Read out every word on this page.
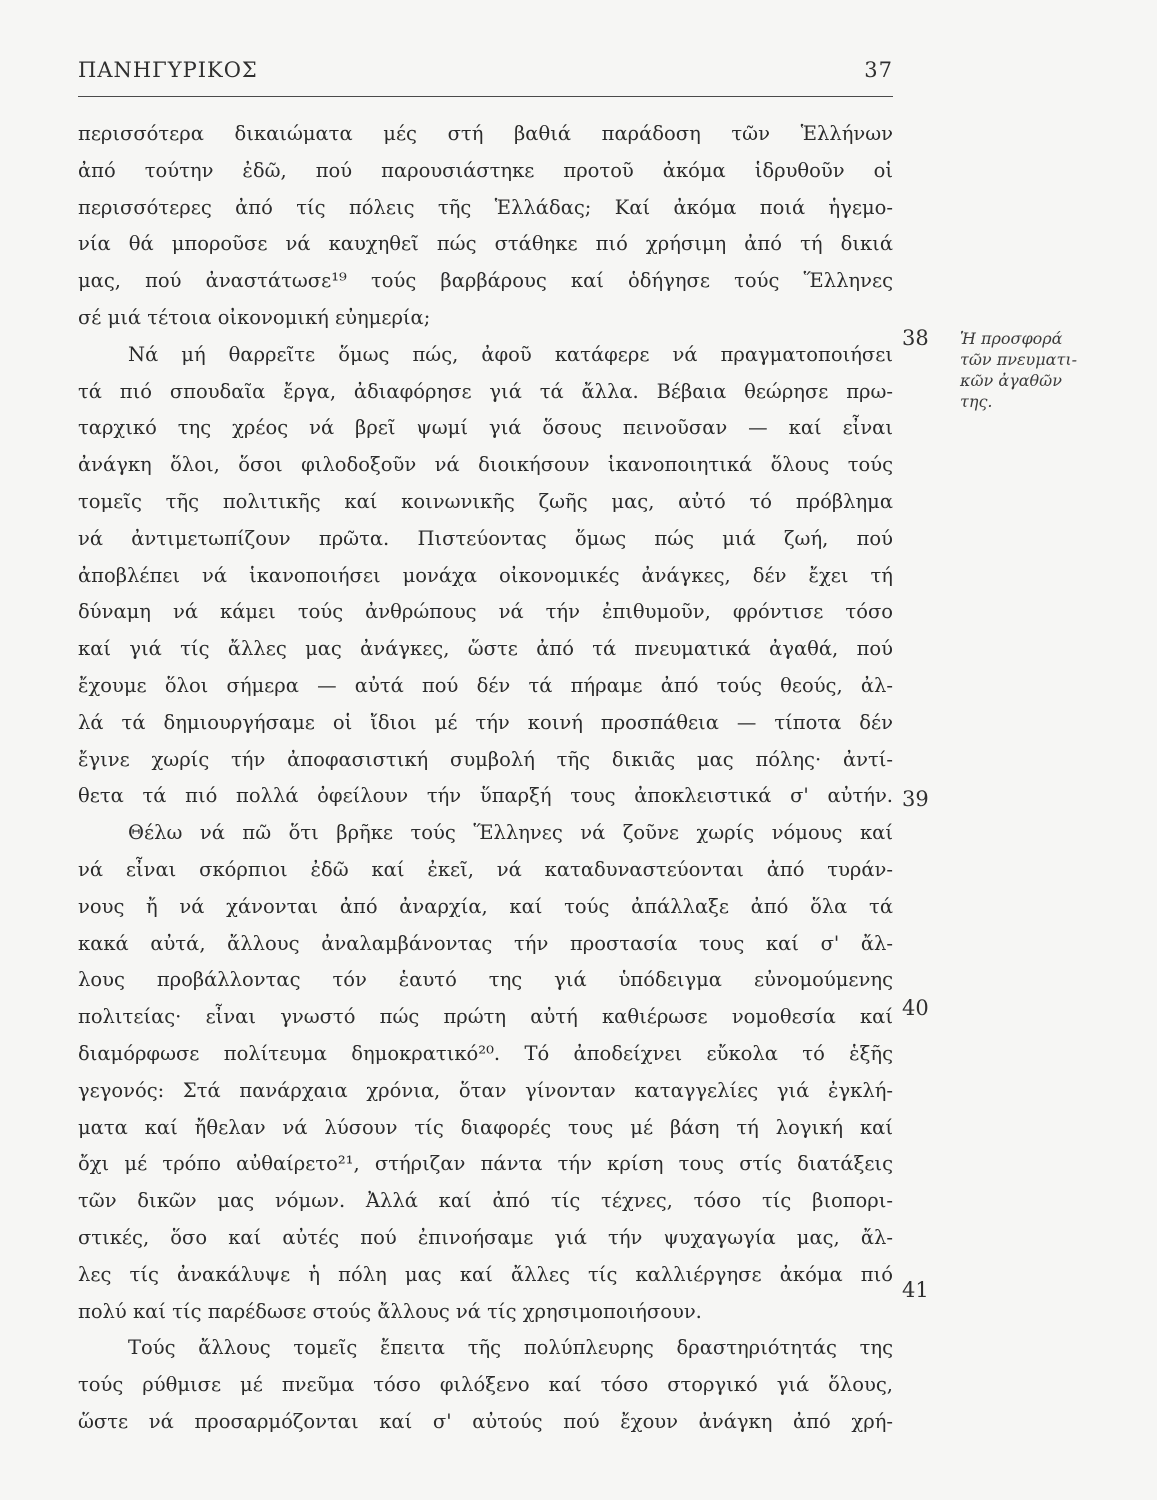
ΠΑΝΗΓΥΡΙΚΟΣ	37
περισσότερα δικαιώματα μές στή βαθιά παράδοση τῶν Ἑλλήνων
ἀπό τούτην ἐδῶ, πού παρουσιάστηκε προτοῦ ἀκόμα ἱδρυθοῦν οἱ
περισσότερες ἀπό τίς πόλεις τῆς Ἑλλάδας; Καί ἀκόμα ποιά ἡγεμο-
νία θά μποροῦσε νά καυχηθεῖ πώς στάθηκε πιό χρήσιμη ἀπό τή δικιά
μας, πού ἀναστάτωσε¹⁹ τούς βαρβάρους καί ὁδήγησε τούς Ἕλληνες
σέ μιά τέτοια οἰκονομική εὐημερία;
Νά μή θαρρεῖτε ὅμως πώς, ἀφοῦ κατάφερε νά πραγματοποιήσει
τά πιό σπουδαῖα ἔργα, ἀδιαφόρησε γιά τά ἄλλα. Βέβαια θεώρησε πρω-
ταρχικό της χρέος νά βρεῖ ψωμί γιά ὅσους πεινοῦσαν — καί εἶναι
ἀνάγκη ὅλοι, ὅσοι φιλοδοξοῦν νά διοικήσουν ἱκανοποιητικά ὅλους τούς
τομεῖς τῆς πολιτικῆς καί κοινωνικῆς ζωῆς μας, αὐτό τό πρόβλημα
νά ἀντιμετωπίζουν πρῶτα. Πιστεύοντας ὅμως πώς μιά ζωή, πού
ἀποβλέπει νά ἱκανοποιήσει μονάχα οἰκονομικές ἀνάγκες, δέν ἔχει τή
δύναμη νά κάμει τούς ἀνθρώπους νά τήν ἐπιθυμοῦν, φρόντισε τόσο
καί γιά τίς ἄλλες μας ἀνάγκες, ὥστε ἀπό τά πνευματικά ἀγαθά, πού
ἔχουμε ὅλοι σήμερα — αὐτά πού δέν τά πήραμε ἀπό τούς θεούς, ἀλ-
λά τά δημιουργήσαμε οἱ ἴδιοι μέ τήν κοινή προσπάθεια — τίποτα δέν
ἔγινε χωρίς τήν ἀποφασιστική συμβολή τῆς δικιᾶς μας πόλης· ἀντί-
θετα τά πιό πολλά ὀφείλουν τήν ὕπαρξή τους ἀποκλειστικά σ' αὐτήν.
Θέλω νά πῶ ὅτι βρῆκε τούς Ἕλληνες νά ζοῦνε χωρίς νόμους καί
νά εἶναι σκόρπιοι ἐδῶ καί ἐκεῖ, νά καταδυναστεύονται ἀπό τυράν-
νους ἤ νά χάνονται ἀπό ἀναρχία, καί τούς ἀπάλλαξε ἀπό ὅλα τά
κακά αὐτά, ἄλλους ἀναλαμβάνοντας τήν προστασία τους καί σ' ἄλ-
λους προβάλλοντας τόν ἑαυτό της γιά ὑπόδειγμα εὐνομούμενης
πολιτείας· εἶναι γνωστό πώς πρώτη αὐτή καθιέρωσε νομοθεσία καί
διαμόρφωσε πολίτευμα δημοκρατικό²⁰. Τό ἀποδείχνει εὔκολα τό ἑξῆς
γεγονός: Στά πανάρχαια χρόνια, ὅταν γίνονταν καταγγελίες γιά ἐγκλή-
ματα καί ἤθελαν νά λύσουν τίς διαφορές τους μέ βάση τή λογική καί
ὄχι μέ τρόπο αὐθαίρετο²¹, στήριζαν πάντα τήν κρίση τους στίς διατάξεις
τῶν δικῶν μας νόμων. Ἀλλά καί ἀπό τίς τέχνες, τόσο τίς βιοπορι-
στικές, ὅσο καί αὐτές πού ἐπινοήσαμε γιά τήν ψυχαγωγία μας, ἄλ-
λες τίς ἀνακάλυψε ἡ πόλη μας καί ἄλλες τίς καλλιέργησε ἀκόμα πιό
πολύ καί τίς παρέδωσε στούς ἄλλους νά τίς χρησιμοποιήσουν.
Τούς ἄλλους τομεῖς ἔπειτα τῆς πολύπλευρης δραστηριότητάς της
τούς ρύθμισε μέ πνεῦμα τόσο φιλόξενο καί τόσο στοργικό γιά ὅλους,
ὥστε νά προσαρμόζονται καί σ' αὐτούς πού ἔχουν ἀνάγκη ἀπό χρή-
38
39
40
41
Ἡ προσφορά
τῶν πνευματι-
κῶν ἀγαθῶν
της.
